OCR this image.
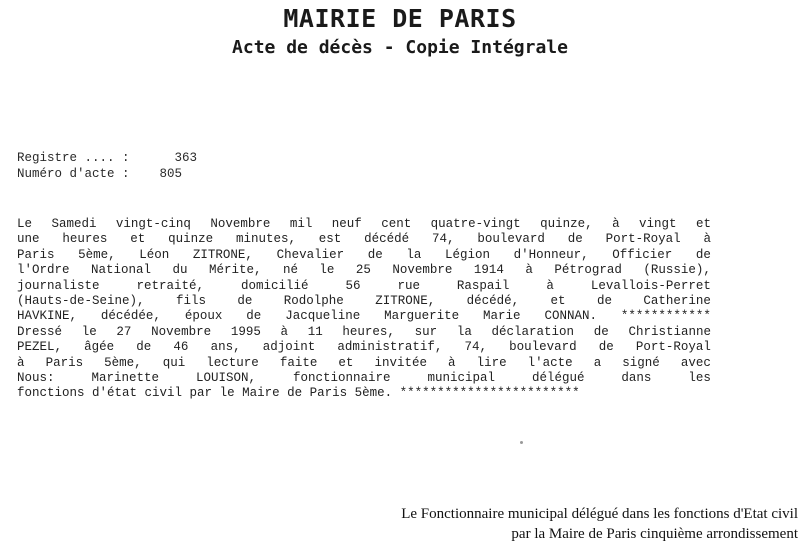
MAIRIE DE PARIS
Acte de décès - Copie Intégrale
Registre .... :	363
Numéro d'acte : 805
Le Samedi vingt-cinq Novembre mil neuf cent quatre-vingt quinze, à vingt et
une heures et quinze minutes, est décédé 74, boulevard de Port-Royal à
Paris 5ème, Léon ZITRONE, Chevalier de la Légion d'Honneur, Officier de
l'Ordre National du Mérite, né le 25 Novembre 1914 à Pétrograd (Russie),
journaliste	retraité,	domicilié	56	rue	Raspail	à	Levallois-Perret
(Hauts-de-Seine),	fils	de	Rodolphe	ZITRONE,	décédé,	et	de	Catherine
HAVKINE, décédée, époux de Jacqueline Marguerite Marie CONNAN. ************
Dressé le 27 Novembre 1995 à 11 heures, sur la déclaration de Christianne
PEZEL, âgée de 46 ans, adjoint administratif, 74, boulevard de Port-Royal
à Paris 5ème, qui lecture faite et invitée à lire l'acte a signé avec
Nous:	Marinette	LOUISON,	fonctionnaire	municipal	délégué	dans	les
fonctions d'état civil par le Maire de Paris 5ème. ************************
Le Fonctionnaire municipal délégué dans les fonctions d'Etat civil
par la Maire de Paris cinquième arrondissement
